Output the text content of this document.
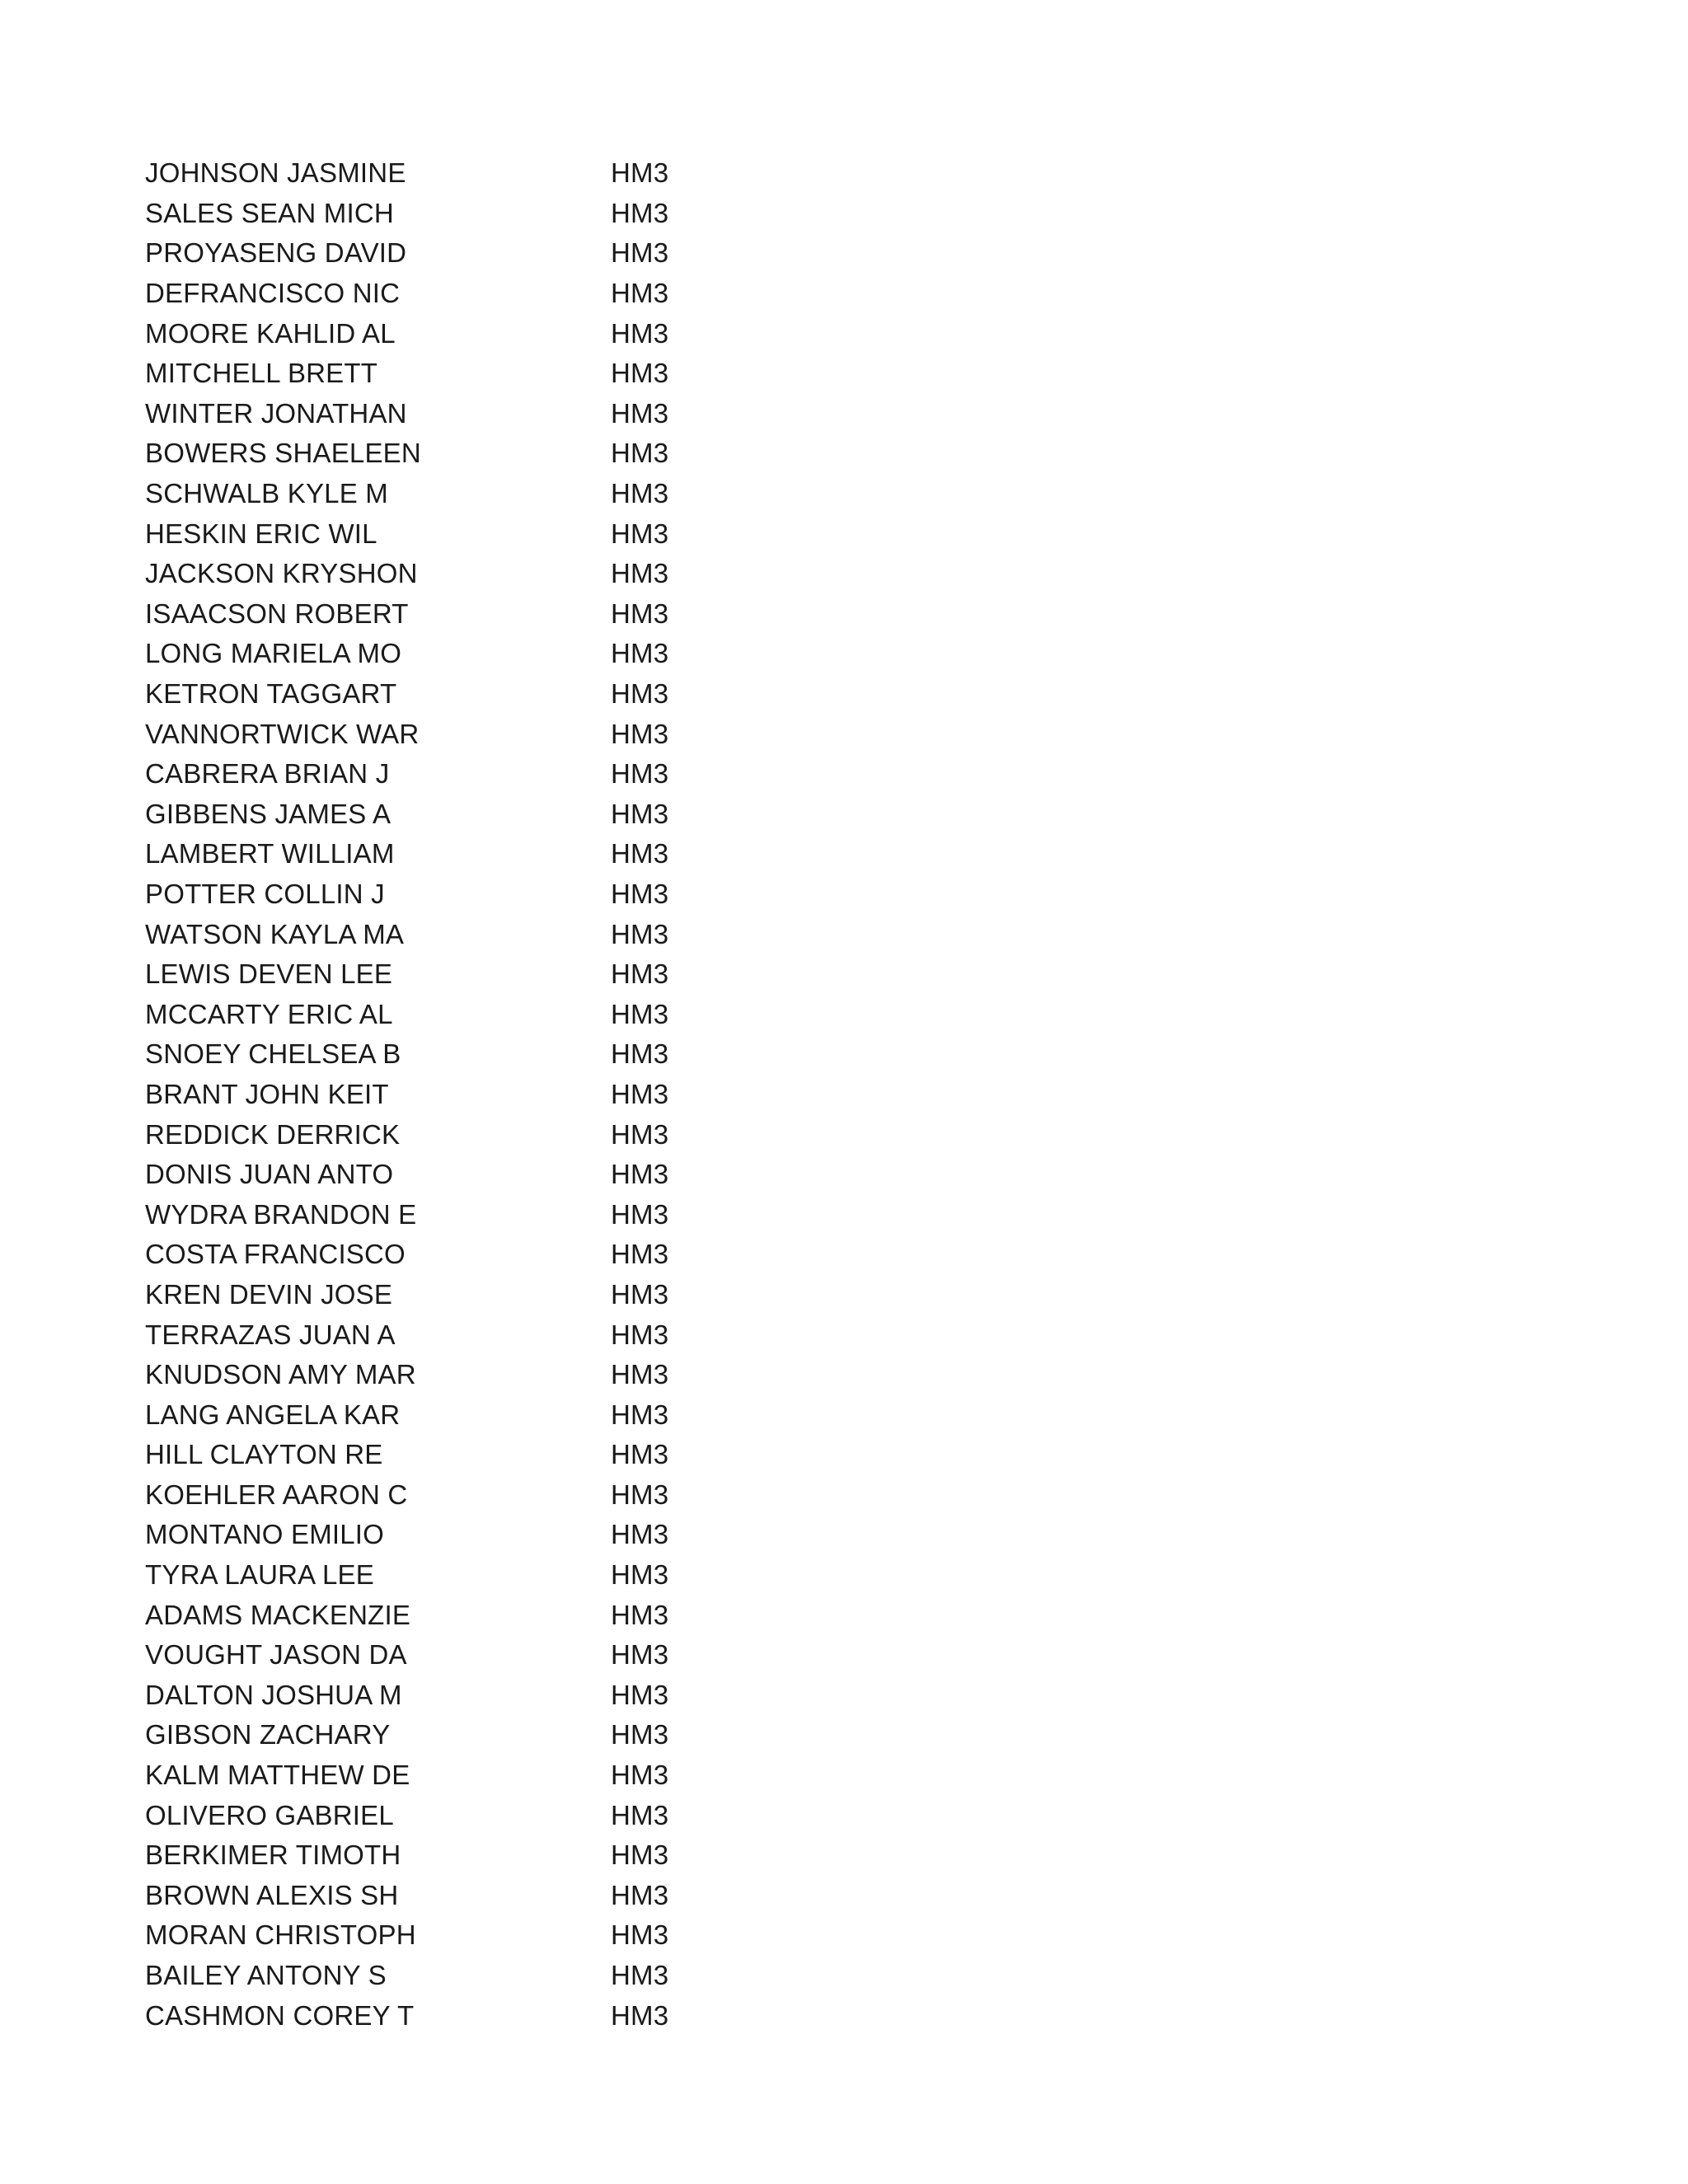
JOHNSON JASMINE	HM3
SALES SEAN MICH	HM3
PROYASENG DAVID	HM3
DEFRANCISCO NIC	HM3
MOORE KAHLID AL	HM3
MITCHELL BRETT	HM3
WINTER JONATHAN	HM3
BOWERS SHAELEEN	HM3
SCHWALB KYLE M	HM3
HESKIN ERIC WIL	HM3
JACKSON KRYSHON	HM3
ISAACSON ROBERT	HM3
LONG MARIELA MO	HM3
KETRON TAGGART	HM3
VANNORTWICK WAR	HM3
CABRERA BRIAN J	HM3
GIBBENS JAMES A	HM3
LAMBERT WILLIAM	HM3
POTTER COLLIN J	HM3
WATSON KAYLA MA	HM3
LEWIS DEVEN LEE	HM3
MCCARTY ERIC AL	HM3
SNOEY CHELSEA B	HM3
BRANT JOHN KEIT	HM3
REDDICK DERRICK	HM3
DONIS JUAN ANTO	HM3
WYDRA BRANDON E	HM3
COSTA FRANCISCO	HM3
KREN DEVIN JOSE	HM3
TERRAZAS JUAN A	HM3
KNUDSON AMY MAR	HM3
LANG ANGELA KAR	HM3
HILL CLAYTON RE	HM3
KOEHLER AARON C	HM3
MONTANO EMILIO	HM3
TYRA LAURA LEE	HM3
ADAMS MACKENZIE	HM3
VOUGHT JASON DA	HM3
DALTON JOSHUA M	HM3
GIBSON ZACHARY	HM3
KALM MATTHEW DE	HM3
OLIVERO GABRIEL	HM3
BERKIMER TIMOTH	HM3
BROWN ALEXIS SH	HM3
MORAN CHRISTOPH	HM3
BAILEY ANTONY S	HM3
CASHMON COREY T	HM3
